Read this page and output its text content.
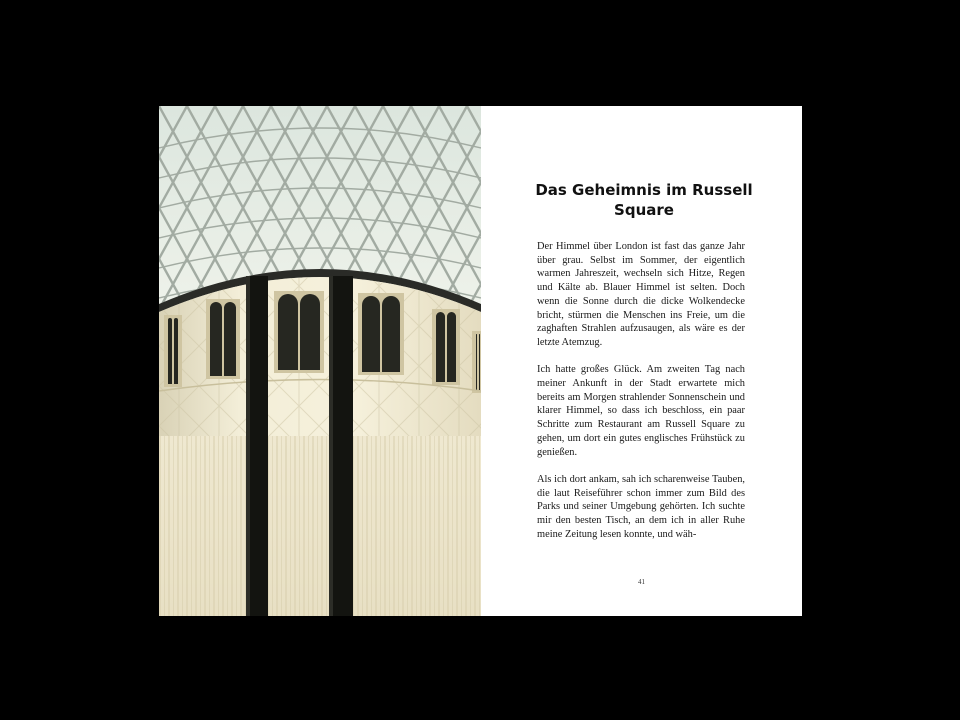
Das Geheimnis im Russell Square

Der Himmel über London ist fast das ganze Jahr über grau. Selbst im Sommer, der eigentlich warmen Jahreszeit, wechseln sich Hitze, Regen und Kälte ab. Blauer Himmel ist selten. Doch wenn die Sonne durch die dicke Wolkendecke bricht, stürmen die Menschen ins Freie, um die zaghaften Strahlen aufzusaugen, als wäre es der letzte Atemzug.

Ich hatte großes Glück. Am zweiten Tag nach meiner Ankunft in der Stadt erwartete mich bereits am Morgen strahlender Sonnenschein und klarer Himmel, so dass ich beschloss, ein paar Schritte zum Restaurant am Russell Square zu gehen, um dort ein gutes englisches Frühstück zu genießen.

Als ich dort ankam, sah ich scharenweise Tauben, die laut Reiseführer schon immer zum Bild des Parks und seiner Umgebung gehörten. Ich suchte mir den besten Tisch, an dem ich in aller Ruhe meine Zeitung lesen konnte, und wäh-

41
